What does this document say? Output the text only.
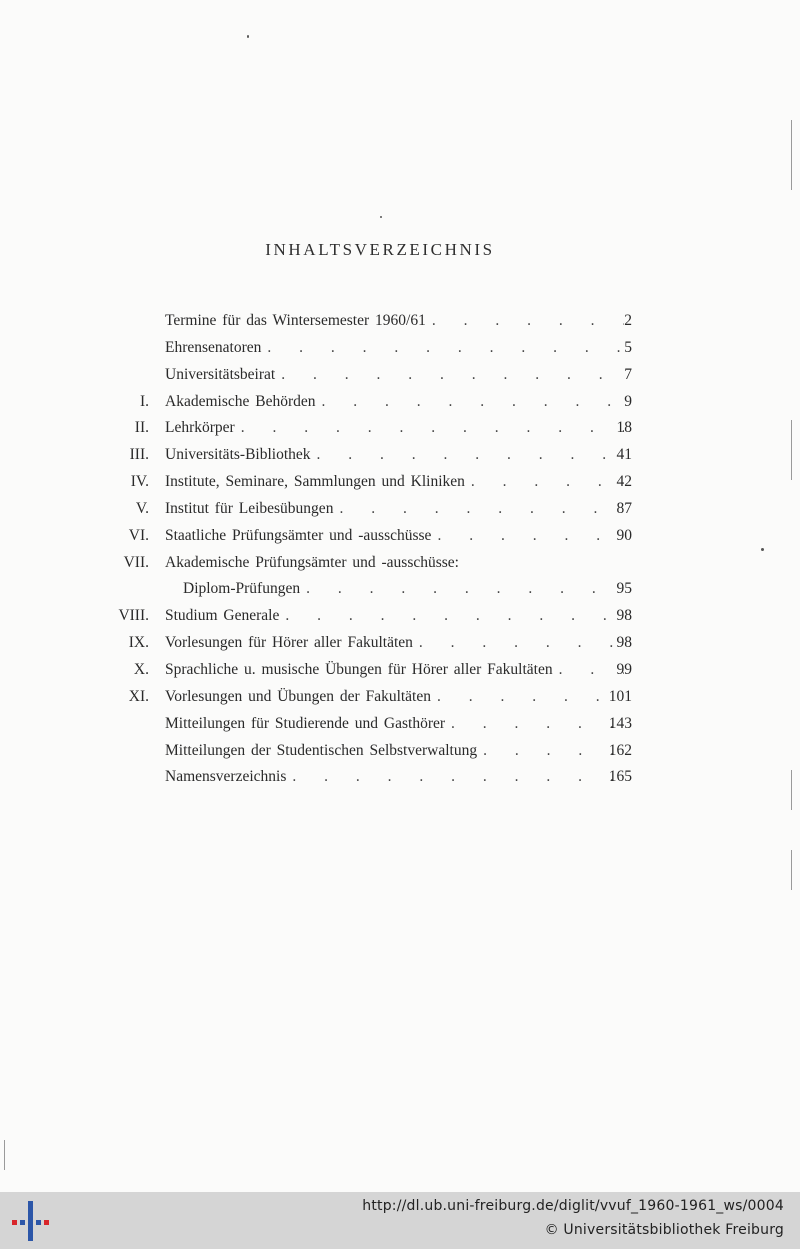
INHALTSVERZEICHNIS
Termine für das Wintersemester 1960/61 . . .	2
Ehrensenatoren . . .	5
Universitätsbeirat . . .	7
I. Akademische Behörden . . .	9
II. Lehrkörper . . .	18
III. Universitäts-Bibliothek . . .	41
IV. Institute, Seminare, Sammlungen und Kliniken . . .	42
V. Institut für Leibesübungen . . .	87
VI. Staatliche Prüfungsämter und -ausschüsse . . .	90
VII. Akademische Prüfungsämter und -ausschüsse:
Diplom-Prüfungen . . .	95
VIII. Studium Generale . . .	98
IX. Vorlesungen für Hörer aller Fakultäten . . .	98
X. Sprachliche u. musische Übungen für Hörer aller Fakultäten . . .	99
XI. Vorlesungen und Übungen der Fakultäten . . .	101
Mitteilungen für Studierende und Gasthörer . . .	143
Mitteilungen der Studentischen Selbstverwaltung . . .	162
Namensverzeichnis . . .	165
http://dl.ub.uni-freiburg.de/diglit/vvuf_1960-1961_ws/0004
© Universitätsbibliothek Freiburg
